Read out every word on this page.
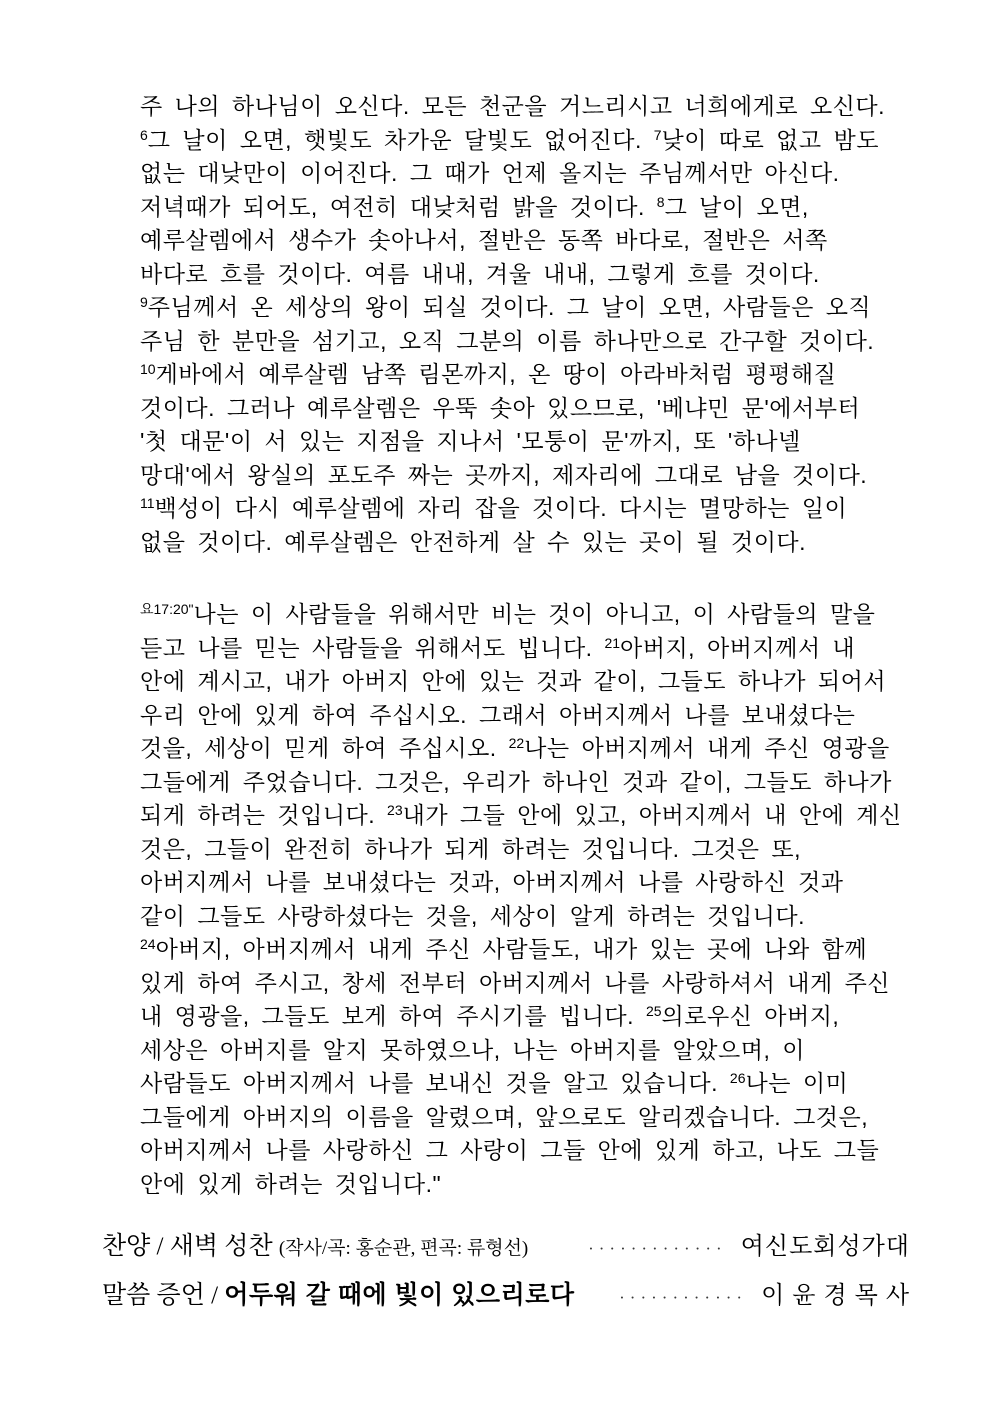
주 나의 하나님이 오신다. 모든 천군을 거느리시고 너희에게로 오신다.
$^6$그 날이 오면, 햇빛도 차가운 달빛도 없어진다. $^7$낮이 따로 없고 밤도
없는 대낮만이 이어진다. 그 때가 언제 올지는 주님께서만 아신다.
저녁때가 되어도, 여전히 대낮처럼 밝을 것이다. $^8$그 날이 오면,
예루살렘에서 생수가 솟아나서, 절반은 동쪽 바다로, 절반은 서쪽
바다로 흐를 것이다. 여름 내내, 겨울 내내, 그렇게 흐를 것이다.
$^9$주님께서 온 세상의 왕이 되실 것이다. 그 날이 오면, 사람들은 오직
주님 한 분만을 섬기고, 오직 그분의 이름 하나만으로 간구할 것이다.
$^{10}$게바에서 예루살렘 남쪽 림몬까지, 온 땅이 아라바처럼 평평해질
것이다. 그러나 예루살렘은 우뚝 솟아 있으므로, '베냐민 문'에서부터
'첫 대문'이 서 있는 지점을 지나서 '모퉁이 문'까지, 또 '하나넬
망대'에서 왕실의 포도주 짜는 곳까지, 제자리에 그대로 남을 것이다.
$^{11}$백성이 다시 예루살렘에 자리 잡을 것이다. 다시는 멸망하는 일이
없을 것이다. 예루살렘은 안전하게 살 수 있는 곳이 될 것이다.
$^{요17:20"}$나는 이 사람들을 위해서만 비는 것이 아니고, 이 사람들의 말을
듣고 나를 믿는 사람들을 위해서도 빕니다. $^{21}$아버지, 아버지께서 내
안에 계시고, 내가 아버지 안에 있는 것과 같이, 그들도 하나가 되어서
우리 안에 있게 하여 주십시오. 그래서 아버지께서 나를 보내셨다는
것을, 세상이 믿게 하여 주십시오. $^{22}$나는 아버지께서 내게 주신 영광을
그들에게 주었습니다. 그것은, 우리가 하나인 것과 같이, 그들도 하나가
되게 하려는 것입니다. $^{23}$내가 그들 안에 있고, 아버지께서 내 안에 계신
것은, 그들이 완전히 하나가 되게 하려는 것입니다. 그것은 또,
아버지께서 나를 보내셨다는 것과, 아버지께서 나를 사랑하신 것과
같이 그들도 사랑하셨다는 것을, 세상이 알게 하려는 것입니다.
$^{24}$아버지, 아버지께서 내게 주신 사람들도, 내가 있는 곳에 나와 함께
있게 하여 주시고, 창세 전부터 아버지께서 나를 사랑하셔서 내게 주신
내 영광을, 그들도 보게 하여 주시기를 빕니다. $^{25}$의로우신 아버지,
세상은 아버지를 알지 못하였으나, 나는 아버지를 알았으며, 이
사람들도 아버지께서 나를 보내신 것을 알고 있습니다. $^{26}$나는 이미
그들에게 아버지의 이름을 알렸으며, 앞으로도 알리겠습니다. 그것은,
아버지께서 나를 사랑하신 그 사랑이 그들 안에 있게 하고, 나도 그들
안에 있게 하려는 것입니다."
찬양 / 새벽 성찬 (작사/곡: 홍순관, 편곡: 류형선)	············· 여신도회성가대
말씀 증언 / 어두워 갈 때에 빛이 있으리로다	············ 이 윤 경 목 사
